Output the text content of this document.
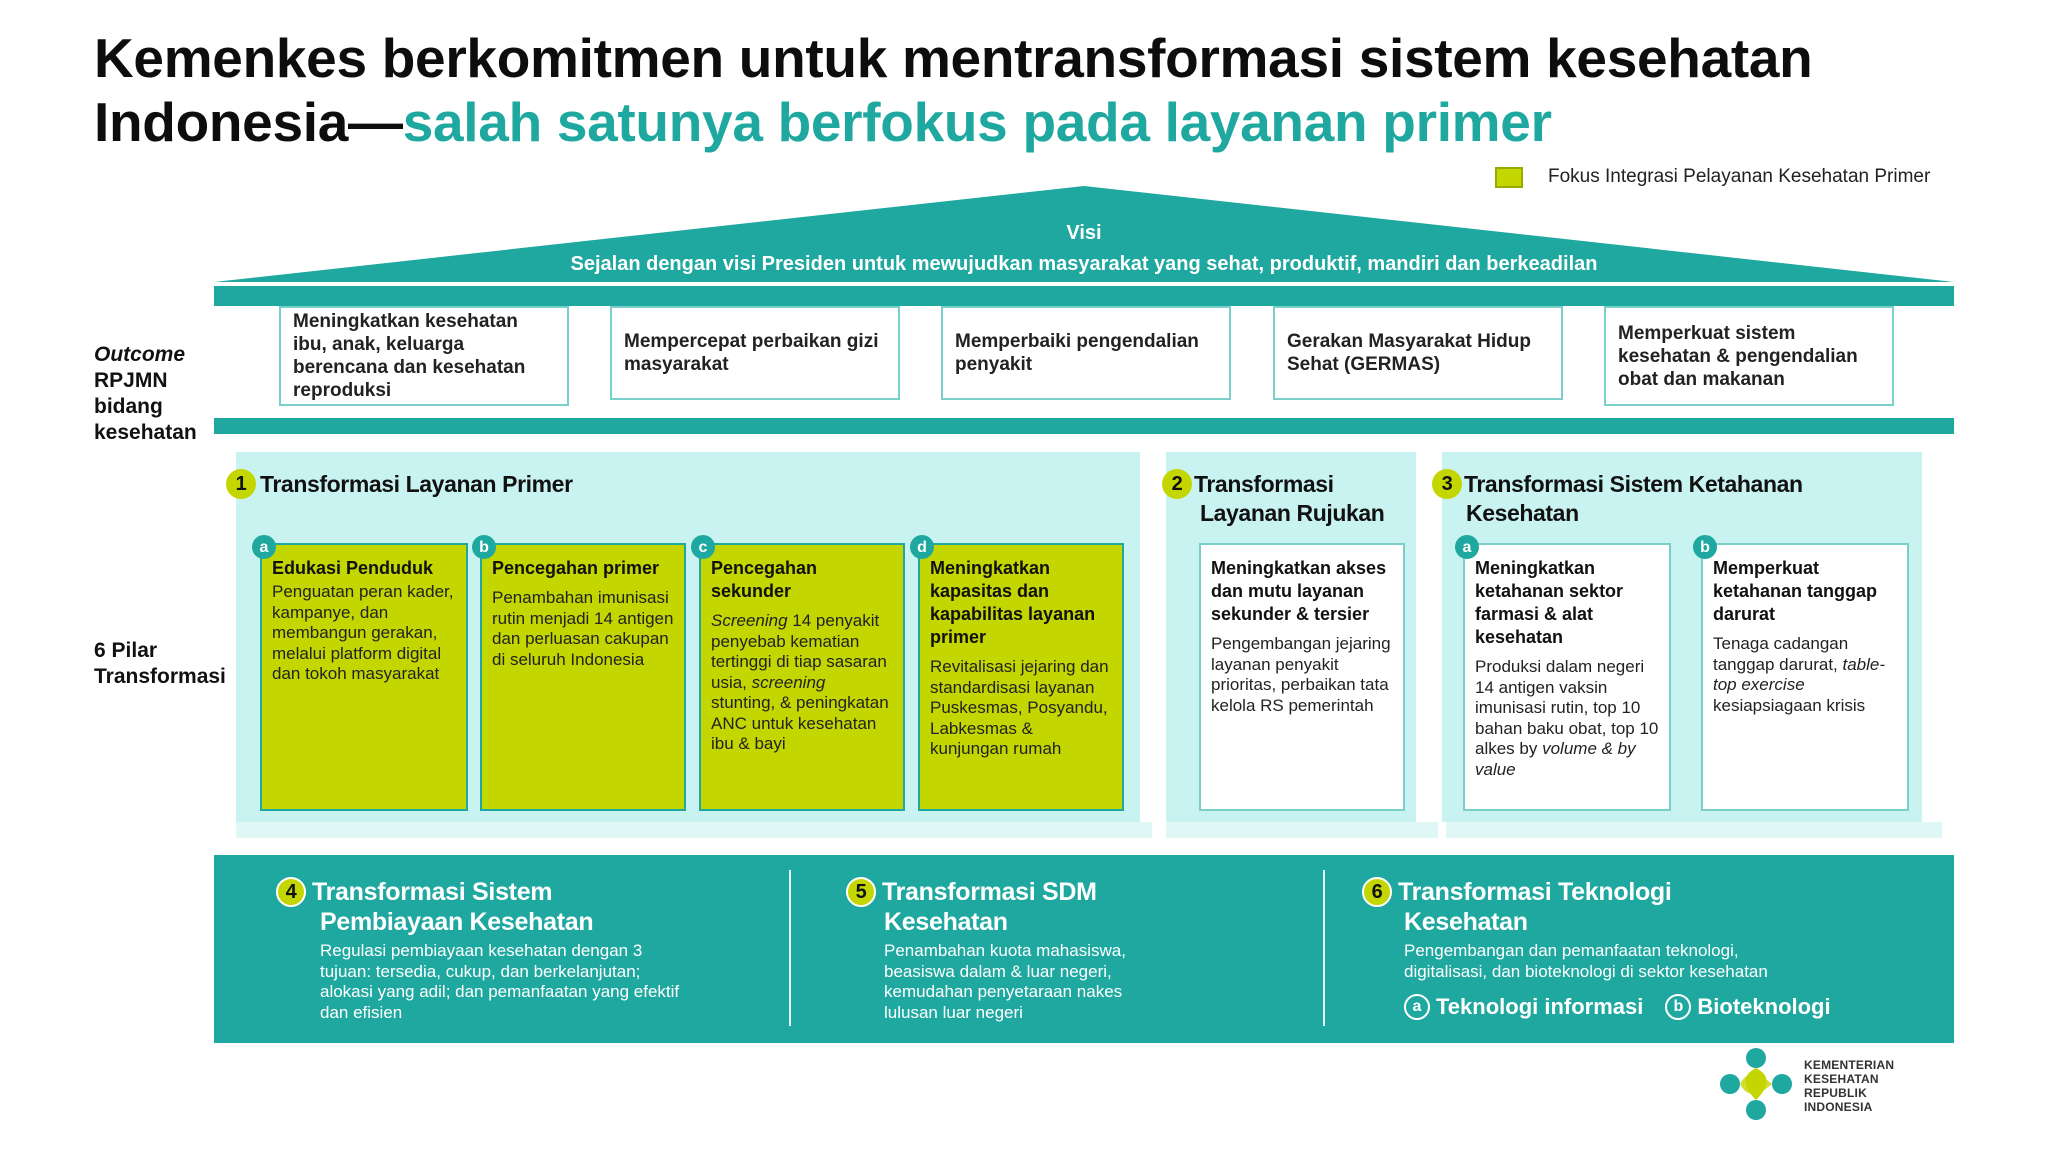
Kemenkes berkomitmen untuk mentransformasi sistem kesehatan
Indonesia—salah satunya berfokus pada layanan primer
Fokus Integrasi Pelayanan Kesehatan Primer
Visi
Sejalan dengan visi Presiden untuk mewujudkan masyarakat yang sehat, produktif, mandiri dan berkeadilan
Outcome
RPJMN
bidang
kesehatan
Meningkatkan kesehatan ibu, anak, keluarga berencana dan kesehatan reproduksi
Mempercepat perbaikan gizi masyarakat
Memperbaiki pengendalian penyakit
Gerakan Masyarakat Hidup Sehat (GERMAS)
Memperkuat sistem kesehatan & pengendalian obat dan makanan
6 Pilar
Transformasi
1 Transformasi Layanan Primer	2 Transformasi
Layanan Rujukan
3 Transformasi Sistem Ketahanan
Kesehatan
a
Edukasi Penduduk
Penguatan peran kader, kampanye, dan membangun gerakan, melalui platform digital dan tokoh masyarakat
b
Pencegahan primer
Penambahan imunisasi rutin menjadi 14 antigen dan perluasan cakupan di seluruh Indonesia
c
Pencegahan sekunder
Screening 14 penyakit penyebab kematian tertinggi di tiap sasaran usia, screening stunting, & peningkatan ANC untuk kesehatan ibu & bayi
d
Meningkatkan kapasitas dan kapabilitas layanan primer
Revitalisasi jejaring dan standardisasi layanan Puskesmas, Posyandu, Labkesmas & kunjungan rumah
Meningkatkan akses dan mutu layanan sekunder & tersier
Pengembangan jejaring layanan penyakit prioritas, perbaikan tata kelola RS pemerintah
a
Meningkatkan ketahanan sektor farmasi & alat kesehatan
Produksi dalam negeri 14 antigen vaksin imunisasi rutin, top 10 bahan baku obat, top 10 alkes by volume & by value
b
Memperkuat ketahanan tanggap darurat
Tenaga cadangan tanggap darurat, table-top exercise kesiapsiagaan krisis
4 Transformasi Sistem
Pembiayaan Kesehatan
Regulasi pembiayaan kesehatan dengan 3 tujuan: tersedia, cukup, dan berkelanjutan; alokasi yang adil; dan pemanfaatan yang efektif dan efisien
5 Transformasi SDM
Kesehatan
Penambahan kuota mahasiswa, beasiswa dalam & luar negeri, kemudahan penyetaraan nakes lulusan luar negeri
6 Transformasi Teknologi
Kesehatan
Pengembangan dan pemanfaatan teknologi, digitalisasi, dan bioteknologi di sektor kesehatan
a Teknologi informasi	b Bioteknologi
KEMENTERIAN
KESEHATAN
REPUBLIK
INDONESIA
